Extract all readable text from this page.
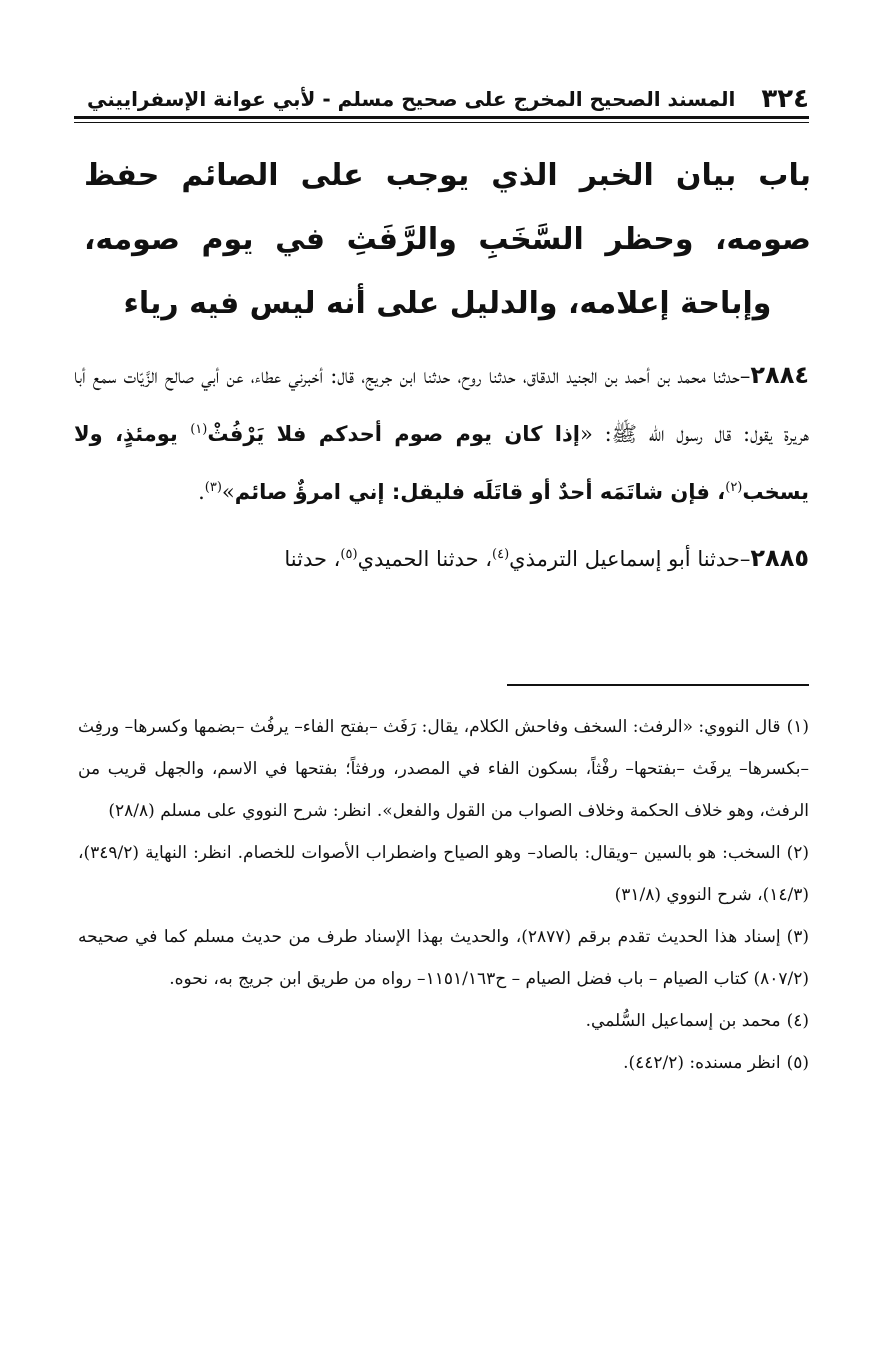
٣٢٤
المسند الصحيح المخرج على صحيح مسلم - لأبي عوانة الإسفراييني
باب بيان الخبر الذي يوجب على الصائم حفظ صومه، وحظر السَّخَبِ والرَّفَثِ في يوم صومه، وإباحة إعلامه، والدليل على أنه ليس فيه رياء

٢٨٨٤–حدثنا محمد بن أحمد بن الجنيد الدقاق، حدثنا روح، حدثنا ابن جريج، قال: أخبرني عطاء، عن أبي صالح الزَّيّات سمع أبا هريرة يقول: قال رسول الله ﷺ: «إذا كان يوم صوم أحدكم فلا يَرْفُثْ$^{(١)}$ يومئذٍ، ولا يسخب$^{(٢)}$، فإن شاتَمَه أحدٌ أو قاتَلَه فليقل: إني امرؤٌ صائم»$^{(٣)}$.

٢٨٨٥–حدثنا أبو إسماعيل الترمذي$^{(٤)}$، حدثنا الحميدي$^{(٥)}$، حدثنا

(١)قال النووي: «الرفث: السخف وفاحش الكلام، يقال: رَفَث –بفتح الفاء– يرفُث –بضمها وكسرها– ورفِث –بكسرها– يرفَث –بفتحها– رفْثاً، بسكون الفاء في المصدر، ورفثاً؛ بفتحها في الاسم، والجهل قريب من الرفث، وهو خلاف الحكمة وخلاف الصواب من القول والفعل». انظر: شرح النووي على مسلم (٢٨/٨)
(٢)السخب: هو بالسين –ويقال: بالصاد– وهو الصياح واضطراب الأصوات للخصام. انظر: النهاية (٣٤٩/٢)، (١٤/٣)، شرح النووي (٣١/٨)
(٣)إسناد هذا الحديث تقدم برقم (٢٨٧٧)، والحديث بهذا الإسناد طرف من حديث مسلم كما في صحيحه (٨٠٧/٢) كتاب الصيام – باب فضل الصيام – ح١١٥١/١٦٣– رواه من طريق ابن جريج به، نحوه.
(٤)محمد بن إسماعيل السُّلمي.
(٥)انظر مسنده: (٤٤٢/٢).
